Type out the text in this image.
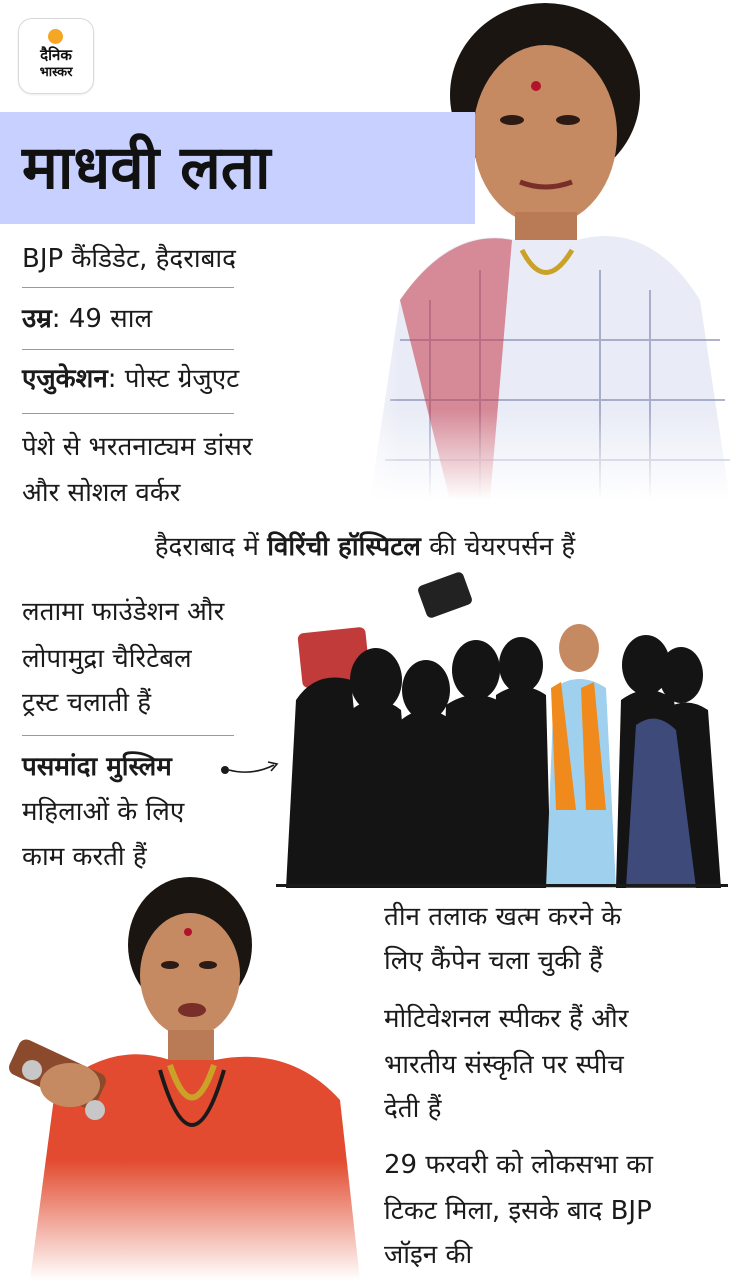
दैनिक
भास्कर
माधवी लता
BJP कैंडिडेट, हैदराबाद
उम्र: 49 साल
एजुकेशन: पोस्ट ग्रेजुएट
पेशे से भरतनाट्यम डांसर
और सोशल वर्कर
हैदराबाद में विरिंची हॉस्पिटल की चेयरपर्सन हैं
लतामा फाउंडेशन और
लोपामुद्रा चैरिटेबल
ट्रस्ट चलाती हैं
पसमांदा मुस्लिम
महिलाओं के लिए
काम करती हैं
तीन तलाक खत्म करने के
लिए कैंपेन चला चुकी हैं
मोटिवेशनल स्पीकर हैं और
भारतीय संस्कृति पर स्पीच
देती हैं
29 फरवरी को लोकसभा का
टिकट मिला, इसके बाद BJP
जॉइन की
